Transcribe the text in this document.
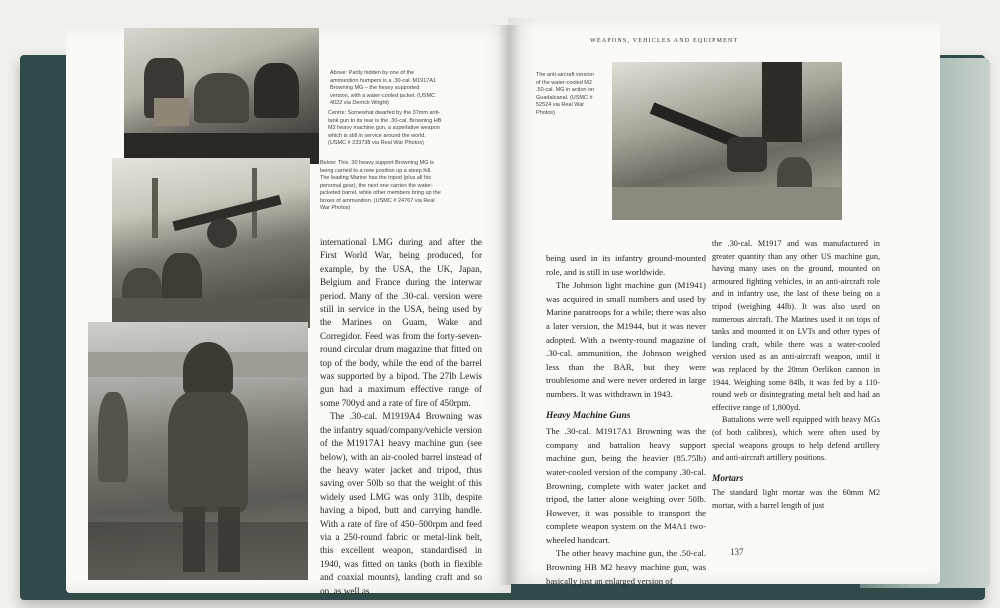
Above: Partly hidden by one of the ammunition humpers is a .30-cal. M1917A1 Browning MG – the heavy supported version, with a water-cooled jacket. (USMC 4022 via Derrick Wright)

Centre: Somewhat dwarfed by the 37mm anti-tank gun to its rear is the .30-cal. Browning HB M2 heavy machine gun, a superlative weapon which is still in service around the world. (USMC # 233738 via Real War Photos)

Below: This .30 heavy support Browning MG is being carried to a new position up a steep hill. The leading Marine has the tripod (plus all his personal gear), the next one carries the water-jacketed barrel, while other members bring up the boxes of ammunition. (USMC # 24767 via Real War Photos)

The anti-aircraft version of the water-cooled M2 .50-cal. MG in action on Guadalcanal. (USMC # 52524 via Real War Photos)

international LMG during and after the First World War, being produced, for example, by the USA, the UK, Japan, Belgium and France during the interwar period. Many of the .30-cal. version were still in service in the USA, being used by the Marines on Guam, Wake and Corregidor. Feed was from the forty-seven-round circular drum magazine that fitted on top of the body, while the end of the barrel was supported by a bipod. The 27lb Lewis gun had a maximum effective range of some 700yd and a rate of fire of 450rpm.

The .30-cal. M1919A4 Browning was the infantry squad/company/vehicle version of the M1917A1 heavy machine gun (see below), with an air-cooled barrel instead of the heavy water jacket and tripod, thus saving over 50lb so that the weight of this widely used LMG was only 31lb, despite having a bipod, butt and carrying handle. With a rate of fire of 450–500rpm and feed via a 250-round fabric or metal-link belt, this excellent weapon, standardised in 1940, was fitted on tanks (both in flexible and coaxial mounts), landing craft and so on, as well as

WEAPONS, VEHICLES AND EQUIPMENT

being used in its infantry ground-mounted role, and is still in use worldwide.

The Johnson light machine gun (M1941) was acquired in small numbers and used by Marine paratroops for a while; there was also a later version, the M1944, but it was never adopted. With a twenty-round magazine of .30-cal. ammunition, the Johnson weighed less than the BAR, but they were troublesome and were never ordered in large numbers. It was withdrawn in 1943.

Heavy Machine Guns

The .30-cal. M1917A1 Browning was the company and battalion heavy support machine gun, being the heavier (85.75lb) water-cooled version of the company .30-cal. Browning, complete with water jacket and tripod, the latter alone weighing over 50lb. However, it was possible to transport the complete weapon system on the M4A1 two-wheeled handcart.

The other heavy machine gun, the .50-cal. Browning HB M2 heavy machine gun, was basically just an enlarged version of

the .30-cal. M1917 and was manufactured in greater quantity than any other US machine gun, having many uses on the ground, mounted on armoured fighting vehicles, in an anti-aircraft role and in infantry use, the last of these being on a tripod (weighing 44lb). It was also used on numerous aircraft. The Marines used it on tops of tanks and mounted it on LVTs and other types of landing craft, while there was a water-cooled version used as an anti-aircraft weapon, until it was replaced by the 20mm Oerlikon cannon in 1944. Weighing some 84lb, it was fed by a 110-round web or disintegrating metal belt and had an effective range of 1,800yd.

Battalions were well equipped with heavy MGs (of both calibres), which were often used by special weapons groups to help defend artillery and anti-aircraft artillery positions.

Mortars

The standard light mortar was the 60mm M2 mortar, with a barrel length of just

137
